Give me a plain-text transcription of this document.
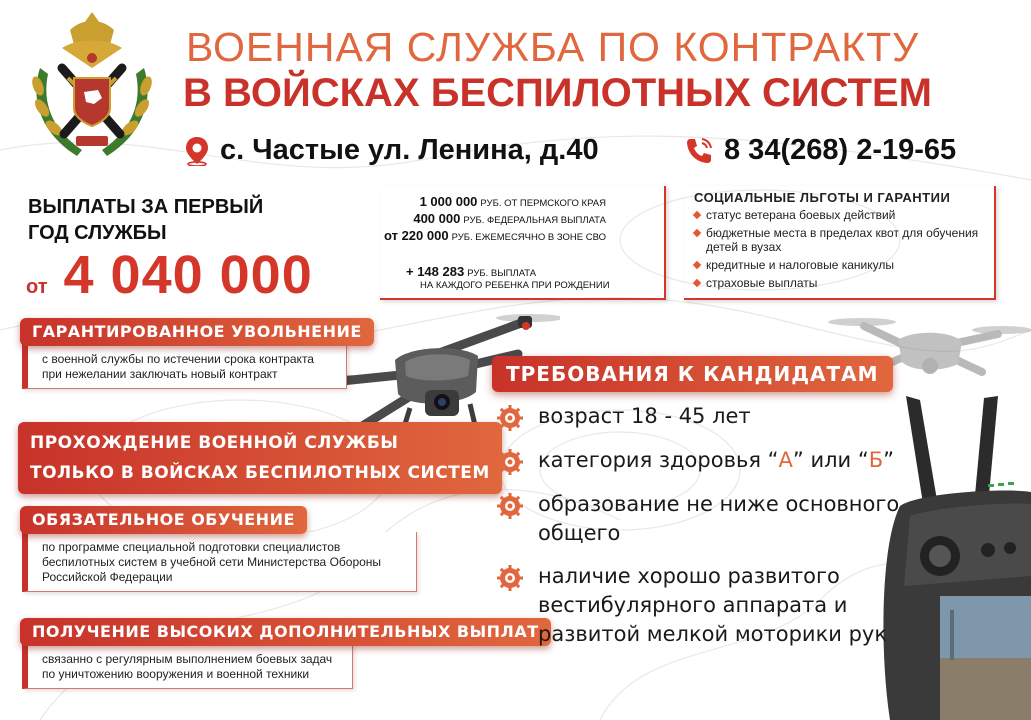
ВОЕННАЯ СЛУЖБА ПО КОНТРАКТУ
В ВОЙСКАХ БЕСПИЛОТНЫХ СИСТЕМ
с. Частые ул. Ленина, д.40	8 34(268) 2-19-65
ВЫПЛАТЫ ЗА ПЕРВЫЙ
ГОД СЛУЖБЫ
от 4 040 000
1 000 000 РУБ. ОТ ПЕРМСКОГО КРАЯ
400 000 РУБ. ФЕДЕРАЛЬНАЯ ВЫПЛАТА
от 220 000 РУБ. ЕЖЕМЕСЯЧНО В ЗОНЕ СВО
+ 148 283 РУБ. ВЫПЛАТА
НА КАЖДОГО РЕБЕНКА ПРИ РОЖДЕНИИ
СОЦИАЛЬНЫЕ ЛЬГОТЫ И ГАРАНТИИ
статус ветерана боевых действий
бюджетные места в пределах квот для обучения детей в вузах
кредитные и налоговые каникулы
страховые выплаты
ГАРАНТИРОВАННОЕ УВОЛЬНЕНИЕ
с военной службы по истечении срока контракта при нежелании заключать новый контракт
ПРОХОЖДЕНИЕ ВОЕННОЙ СЛУЖБЫ
ТОЛЬКО В ВОЙСКАХ БЕСПИЛОТНЫХ СИСТЕМ
ОБЯЗАТЕЛЬНОЕ ОБУЧЕНИЕ
по программе специальной подготовки специалистов беспилотных систем в учебной сети Министерства Обороны Российской Федерации
ПОЛУЧЕНИЕ ВЫСОКИХ ДОПОЛНИТЕЛЬНЫХ ВЫПЛАТ
связанно с регулярным выполнением боевых задач по уничтожению вооружения и военной техники
ТРЕБОВАНИЯ К КАНДИДАТАМ
возраст 18 - 45 лет
категория здоровья “А” или “Б”
образование не ниже основного общего
наличие хорошо развитого вестибулярного аппарата и развитой мелкой моторики рук
